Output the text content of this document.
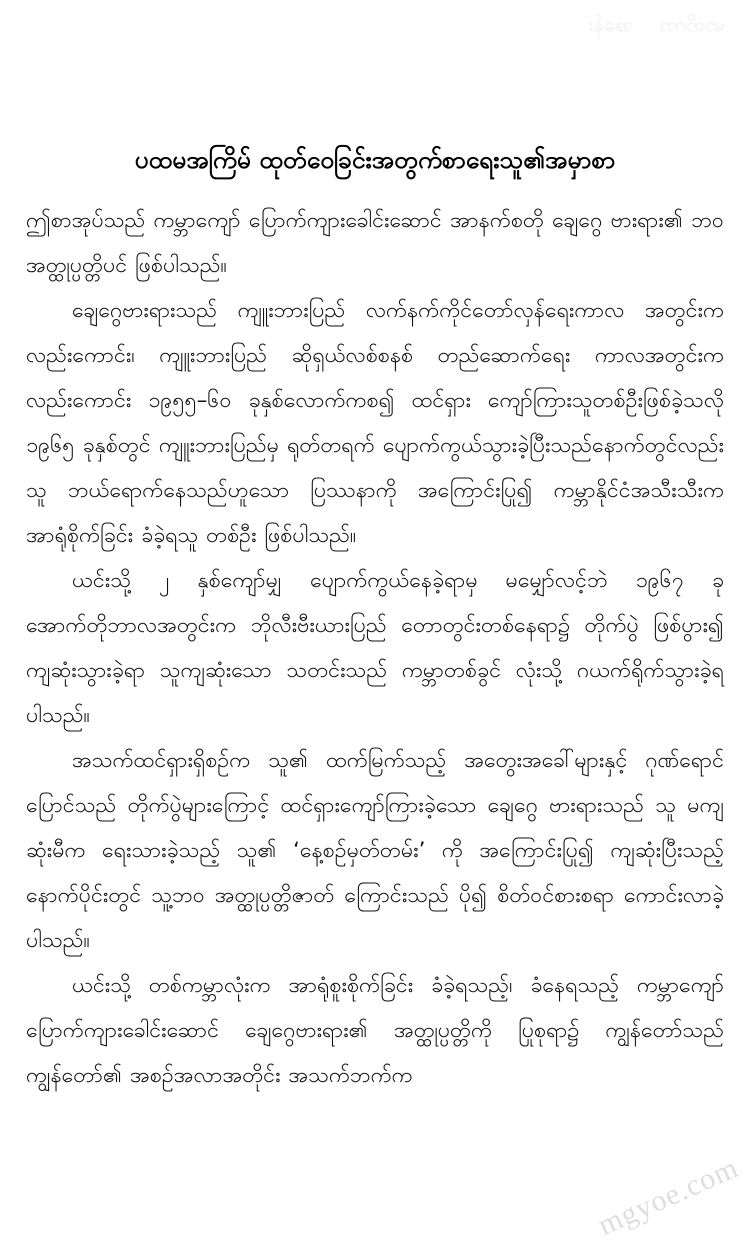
မာတိကာ    အခန်း
ပထမအကြိမ် ထုတ်ဝေခြင်းအတွက်စာရေးသူ၏အမှာစာ

ဤစာအုပ်သည် ကမ္ဘာကျော် ပြောက်ကျားခေါင်းဆောင် အာနက်စတို ချေဂွေ ဗားရား၏ ဘဝအတ္ထုပ္ပတ္တိပင် ဖြစ်ပါသည်။

ချေဂွေဗားရားသည် ကျူးဘားပြည် လက်နက်ကိုင်တော်လှန်ရေးကာလ အတွင်းကလည်းကောင်း၊ ကျူးဘားပြည် ဆိုရှယ်လစ်စနစ် တည်ဆောက်ရေး ကာလအတွင်းကလည်းကောင်း ၁၉၅၅–၆၀ ခုနှစ်လောက်ကစ၍ ထင်ရှား ကျော်ကြားသူတစ်ဦးဖြစ်ခဲ့သလို ၁၉၆၅ ခုနှစ်တွင် ကျူးဘားပြည်မှ ရုတ်တရက် ပျောက်ကွယ်သွားခဲ့ပြီးသည်နောက်တွင်လည်း သူ ဘယ်ရောက်နေသည်ဟူသော ပြဿနာကို အကြောင်းပြု၍ ကမ္ဘာနိုင်ငံအသီးသီးက အာရုံစိုက်ခြင်း ခံခဲ့ရသူ တစ်ဦး ဖြစ်ပါသည်။

ယင်းသို့ ၂ နှစ်ကျော်မျှ ပျောက်ကွယ်နေခဲ့ရာမှ မမျှော်လင့်ဘဲ ၁၉၆၇ ခု အောက်တိုဘာလအတွင်းက ဘိုလီးဗီးယားပြည် တောတွင်းတစ်နေရာ၌ တိုက်ပွဲ ဖြစ်ပွား၍ ကျဆုံးသွားခဲ့ရာ သူကျဆုံးသော သတင်းသည် ကမ္ဘာတစ်ခွင် လုံးသို့ ဂယက်ရိုက်သွားခဲ့ရပါသည်။

အသက်ထင်ရှားရှိစဉ်က သူ၏ ထက်မြက်သည့် အတွေးအခေါ်များနှင့် ဂုဏ်ရောင်ပြောင်သည် တိုက်ပွဲများကြောင့် ထင်ရှားကျော်ကြားခဲ့သော ချေဂွေ ဗားရားသည် သူ မကျဆုံးမီက ရေးသားခဲ့သည့် သူ၏ ‘နေ့စဉ်မှတ်တမ်း’ ကို အကြောင်းပြု၍ ကျဆုံးပြီးသည့် နောက်ပိုင်းတွင် သူ့ဘဝ အတ္ထုပ္ပတ္တိဇာတ် ကြောင်းသည် ပို၍ စိတ်ဝင်စားစရာ ကောင်းလာခဲ့ပါသည်။

ယင်းသို့ တစ်ကမ္ဘာလုံးက အာရုံစူးစိုက်ခြင်း ခံခဲ့ရသည့်၊ ခံနေရသည့် ကမ္ဘာကျော် ပြောက်ကျားခေါင်းဆောင် ချေဂွေဗားရား၏ အတ္ထုပ္ပတ္တိကို ပြုစုရာ၌ ကျွန်တော်သည် ကျွန်တော်၏ အစဉ်အလာအတိုင်း အသက်ဘက်က

mgyoe.com
